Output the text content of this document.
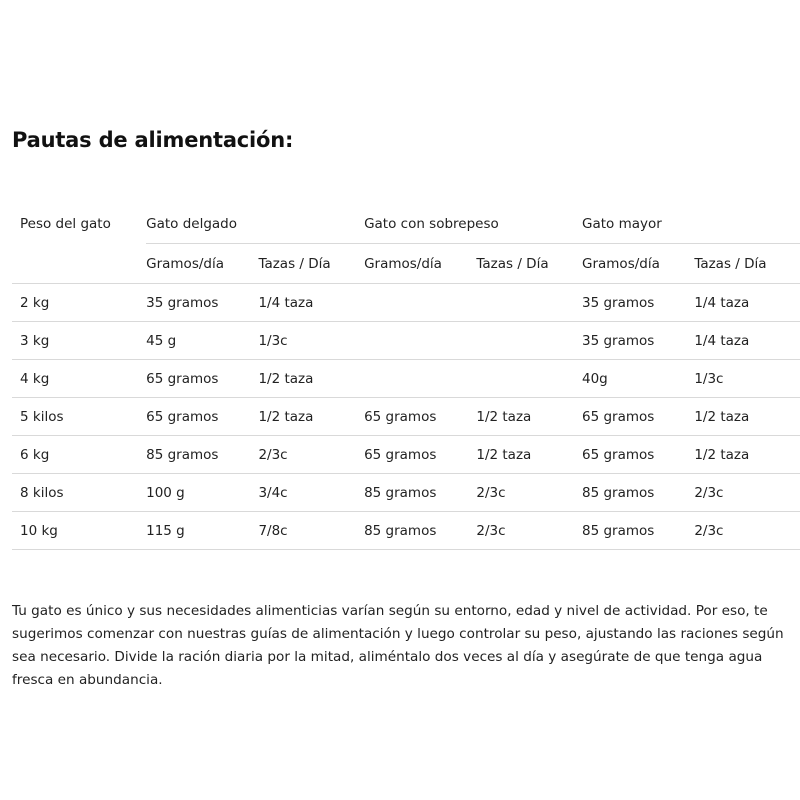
Pautas de alimentación:
Peso del gato	Gato delgado		Gato con sobrepeso		Gato mayor	
	Gramos/día	Tazas / Día	Gramos/día	Tazas / Día	Gramos/día	Tazas / Día
2 kg	35 gramos	1/4 taza			35 gramos	1/4 taza
3 kg	45 g	1/3c			35 gramos	1/4 taza
4 kg	65 gramos	1/2 taza			40g	1/3c
5 kilos	65 gramos	1/2 taza	65 gramos	1/2 taza	65 gramos	1/2 taza
6 kg	85 gramos	2/3c	65 gramos	1/2 taza	65 gramos	1/2 taza
8 kilos	100 g	3/4c	85 gramos	2/3c	85 gramos	2/3c
10 kg	115 g	7/8c	85 gramos	2/3c	85 gramos	2/3c

Tu gato es único y sus necesidades alimenticias varían según su entorno, edad y nivel de actividad. Por eso, te sugerimos comenzar con nuestras guías de alimentación y luego controlar su peso, ajustando las raciones según sea necesario. Divide la ración diaria por la mitad, aliméntalo dos veces al día y asegúrate de que tenga agua fresca en abundancia.
